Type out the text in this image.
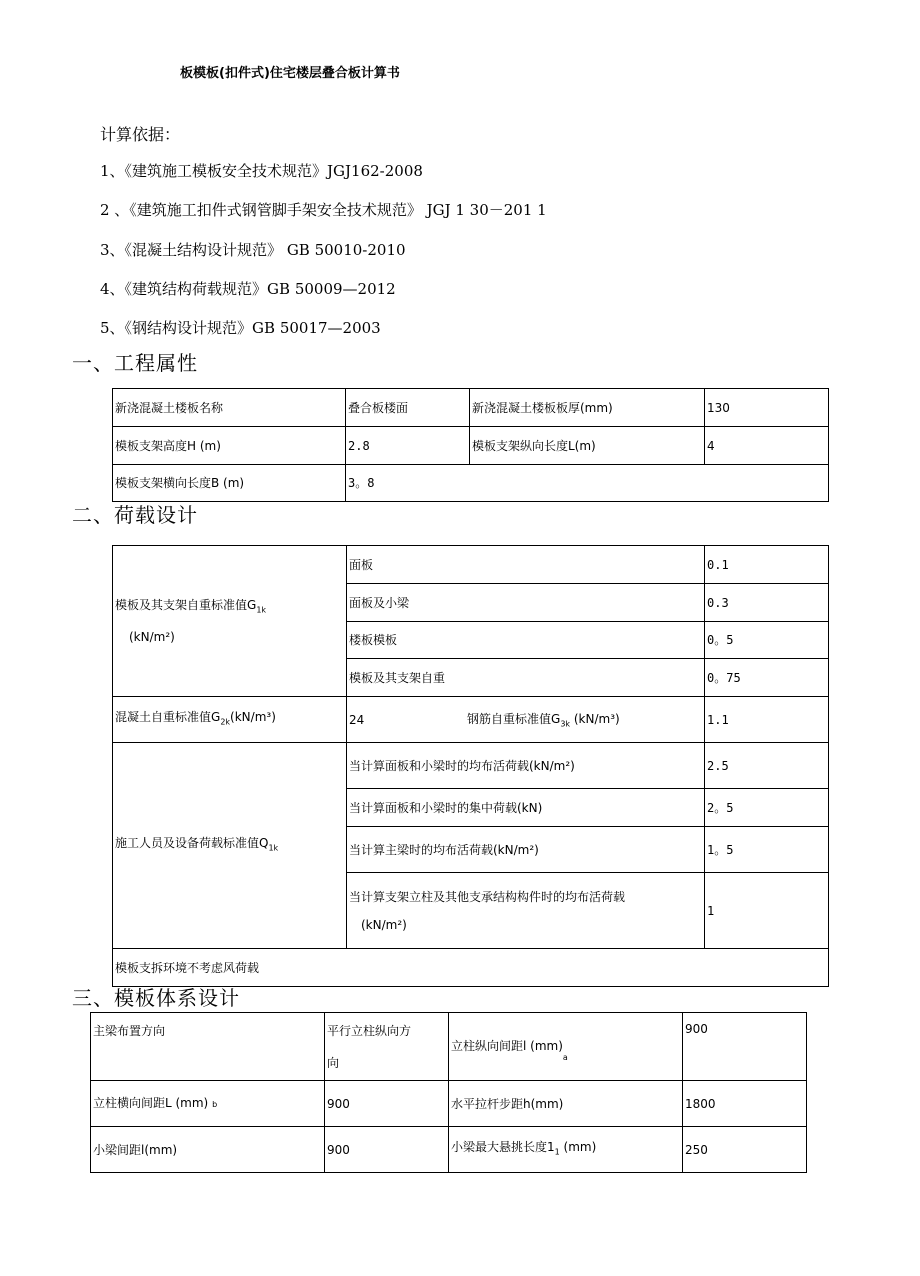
板模板(扣件式)住宅楼层叠合板计算书
计算依据：
1、《建筑施工模板安全技术规范》JGJ162-2008
2 、《建筑施工扣件式钢管脚手架安全技术规范》 JGJ 1 30－201 1
3、《混凝土结构设计规范》 GB 50010-2010
4、《建筑结构荷载规范》GB 50009—2012
5、《钢结构设计规范》GB 50017—2003
一、工程属性
新浇混凝土楼板名称	叠合板楼面	新浇混凝土楼板板厚(mm)	130
模板支架高度H (m)	2.8	模板支架纵向长度L(m)	4
模板支架横向长度B (m)	3。8		
二、荷载设计
模板及其支架自重标准值$G_{1k}$
(kN/m²)	面板	0.1
	面板及小梁	0.3
	楼板模板	0。5
	模板及其支架自重	0。75
混凝土自重标准值$G_{2k}(kN/m^3)$	24 钢筋自重标准值$G_{3k}$ (kN/m³)	1.1
施工人员及设备荷载标准值$Q_{1k}$	当计算面板和小梁时的均布活荷载(kN/m²)	2.5
	当计算面板和小梁时的集中荷载(kN)	2。5
	当计算主梁时的均布活荷载(kN/m²)	1。5

	当计算支架立柱及其他支承结构构件时的均布活荷载
(kN/m²)	1
模板支拆环境不考虑风荷载		
三、模板体系设计
主梁布置方向	平行立柱纵向方
向	立柱纵向间距l $(mm)_a$	900
立柱横向间距L (mm) b	900	水平拉杆步距h(mm)	1800
小梁间距l(mm)	900	小梁最大悬挑长度$1_1$ (mm)	250
